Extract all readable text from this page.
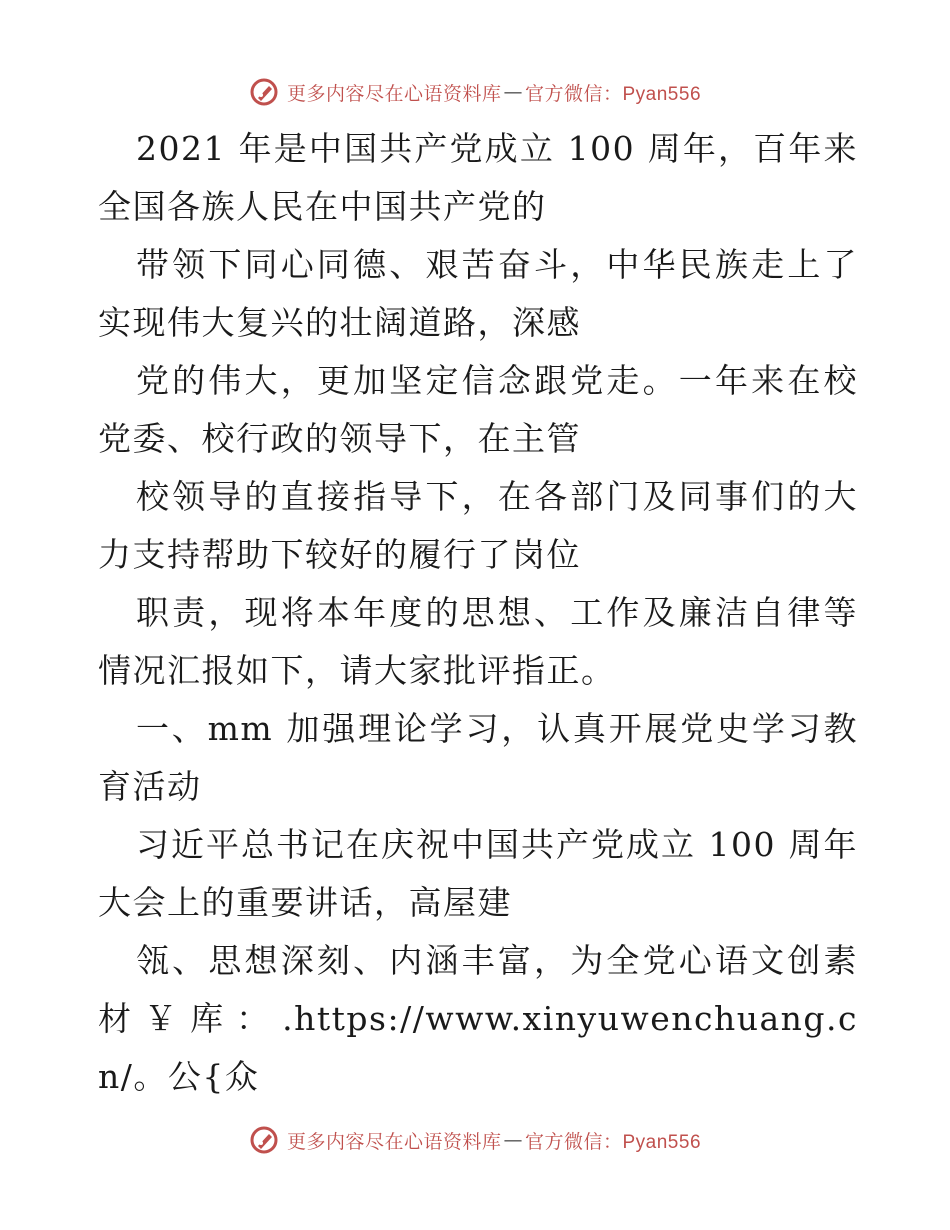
更多内容尽在心语资料库 — 官方微信：Pyan556

2021 年是中国共产党成立 100 周年，百年来全国各族人民在中国共产党的

带领下同心同德、艰苦奋斗，中华民族走上了实现伟大复兴的壮阔道路，深感

党的伟大，更加坚定信念跟党走。一年来在校党委、校行政的领导下，在主管

校领导的直接指导下，在各部门及同事们的大力支持帮助下较好的履行了岗位

职责，现将本年度的思想、工作及廉洁自律等情况汇报如下，请大家批评指正。

一、mm 加强理论学习，认真开展党史学习教育活动

习近平总书记在庆祝中国共产党成立 100 周年大会上的重要讲话，高屋建

瓴、思想深刻、内涵丰富，为全党心语文创素材￥库：.https://www.xinyuwenchuang.cn/。公{众

更多内容尽在心语资料库 — 官方微信：Pyan556
